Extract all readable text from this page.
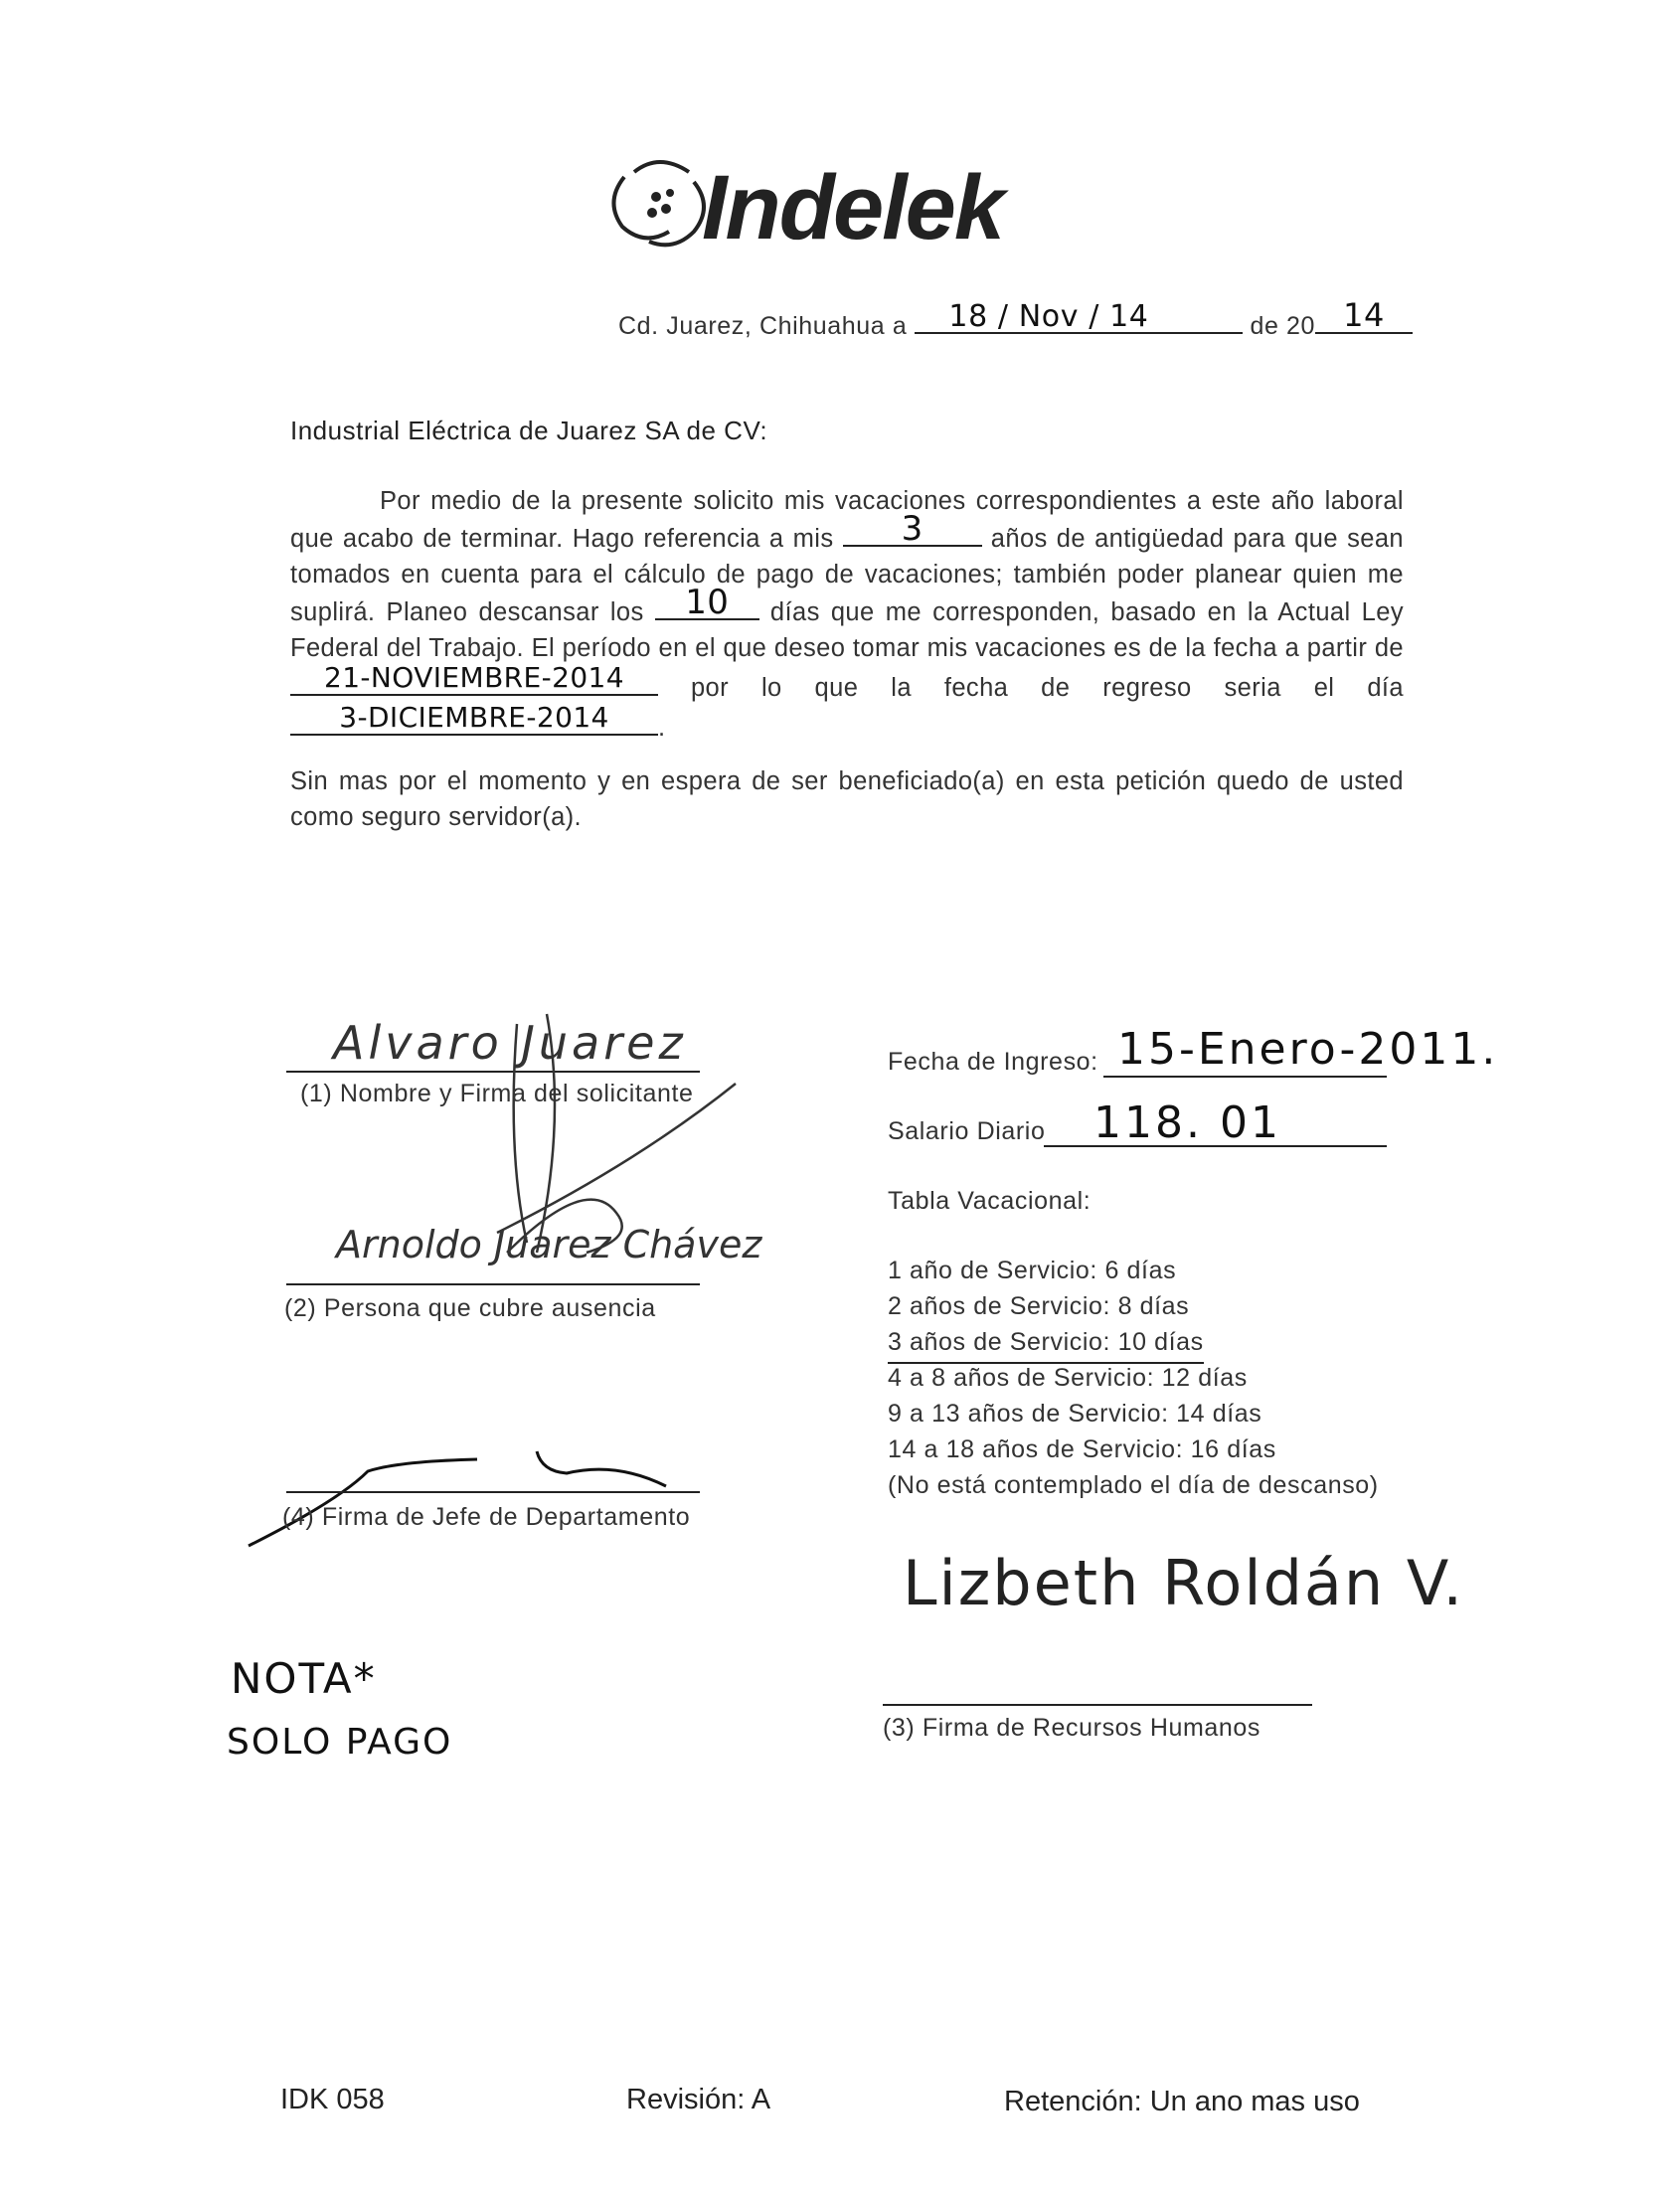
Indelek
Cd. Juarez, Chihuahua a	18 / Nov / 14	de 20 14
Industrial Eléctrica de Juarez SA de CV:
Por medio de la presente solicito mis vacaciones correspondientes a este año laboral que acabo de terminar. Hago referencia a mis	3	años de antigüedad para que sean tomados en cuenta para el cálculo de pago de vacaciones; también poder planear quien me suplirá. Planeo descansar los	10	días que me corresponden, basado en la Actual Ley Federal del Trabajo. El período en el que deseo tomar mis vacaciones es de la fecha a partir de
21-NOVIEMBRE-2014	por lo que la fecha de regreso seria el día
3-DICIEMBRE-2014	.
Sin mas por el momento y en espera de ser beneficiado(a) en esta petición quedo de usted como seguro servidor(a).
Alvaro Juarez
(1) Nombre y Firma del solicitante
Arnoldo Juarez Chávez
(2) Persona que cubre ausencia
(4) Firma de Jefe de Departamento
NOTA*
SOLO PAGO
Fecha de Ingreso: 15-Enero-2011.
Salario Diario 118. 01
Tabla Vacacional:
1 año de Servicio: 6 días
2 años de Servicio: 8 días
3 años de Servicio: 10 días
4 a 8 años de Servicio: 12 días
9 a 13 años de Servicio: 14 días
14 a 18 años de Servicio: 16 días
(No está contemplado el día de descanso)
Lizbeth Roldán V.
(3) Firma de Recursos Humanos
IDK 058	Revisión: A	Retención: Un ano mas uso
